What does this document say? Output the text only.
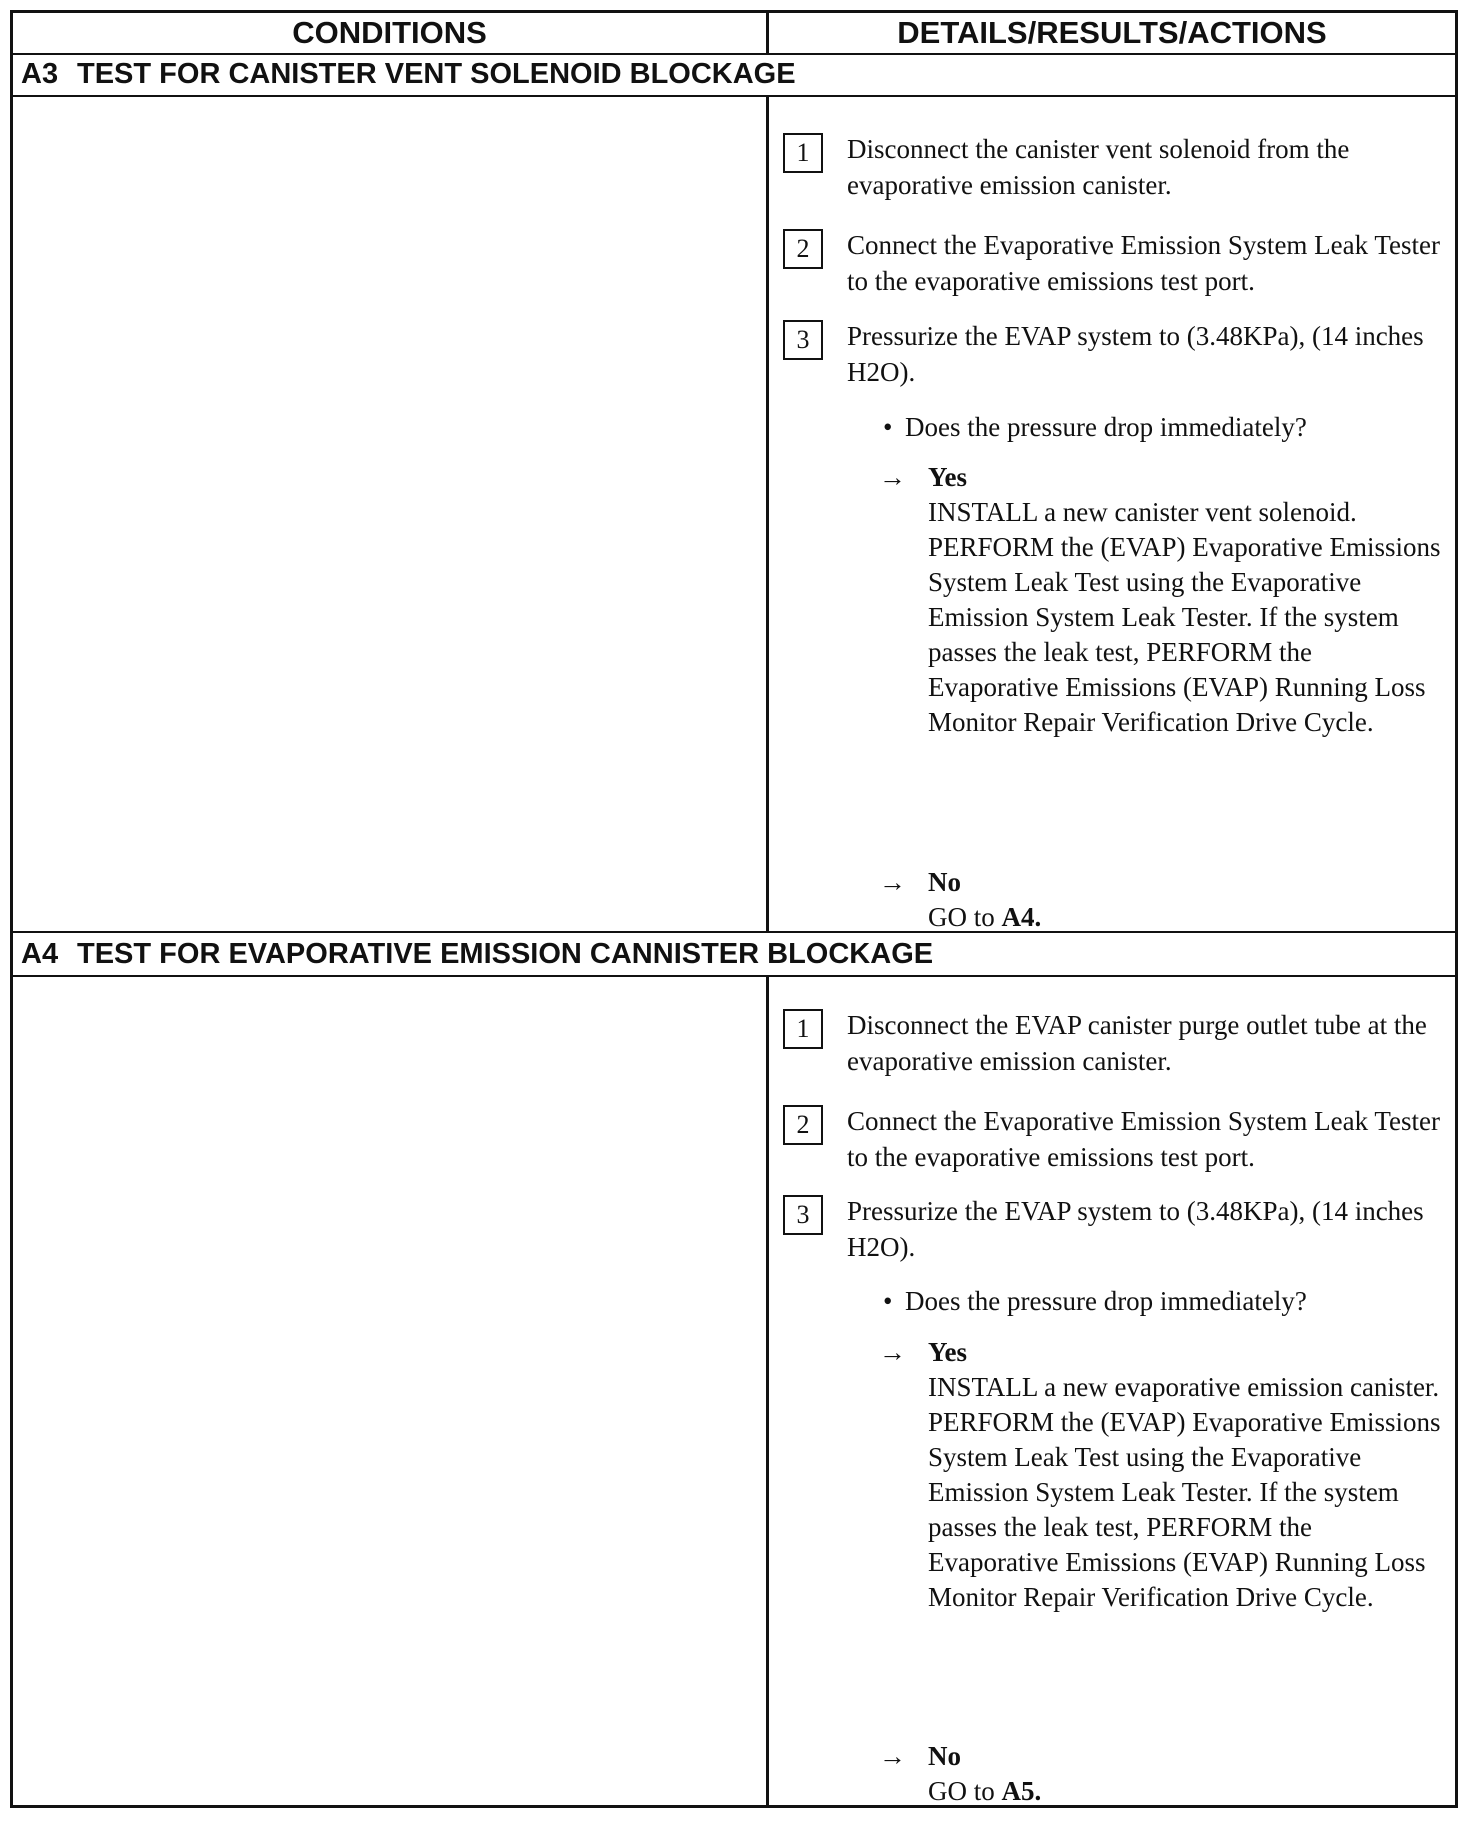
CONDITIONS	DETAILS/RESULTS/ACTIONS
A3 TEST FOR CANISTER VENT SOLENOID BLOCKAGE
1	Disconnect the canister vent solenoid from the evaporative emission canister.
2	Connect the Evaporative Emission System Leak Tester to the evaporative emissions test port.
3	Pressurize the EVAP system to (3.48KPa), (14 inches H2O).
• Does the pressure drop immediately?
→ Yes
INSTALL a new canister vent solenoid. PERFORM the (EVAP) Evaporative Emissions System Leak Test using the Evaporative Emission System Leak Tester. If the system passes the leak test, PERFORM the Evaporative Emissions (EVAP) Running Loss Monitor Repair Verification Drive Cycle.
→ No
GO to A4.
A4 TEST FOR EVAPORATIVE EMISSION CANNISTER BLOCKAGE
1	Disconnect the EVAP canister purge outlet tube at the evaporative emission canister.
2	Connect the Evaporative Emission System Leak Tester to the evaporative emissions test port.
3	Pressurize the EVAP system to (3.48KPa), (14 inches H2O).
• Does the pressure drop immediately?
→ Yes
INSTALL a new evaporative emission canister. PERFORM the (EVAP) Evaporative Emissions System Leak Test using the Evaporative Emission System Leak Tester. If the system passes the leak test, PERFORM the Evaporative Emissions (EVAP) Running Loss Monitor Repair Verification Drive Cycle.
→ No
GO to A5.
